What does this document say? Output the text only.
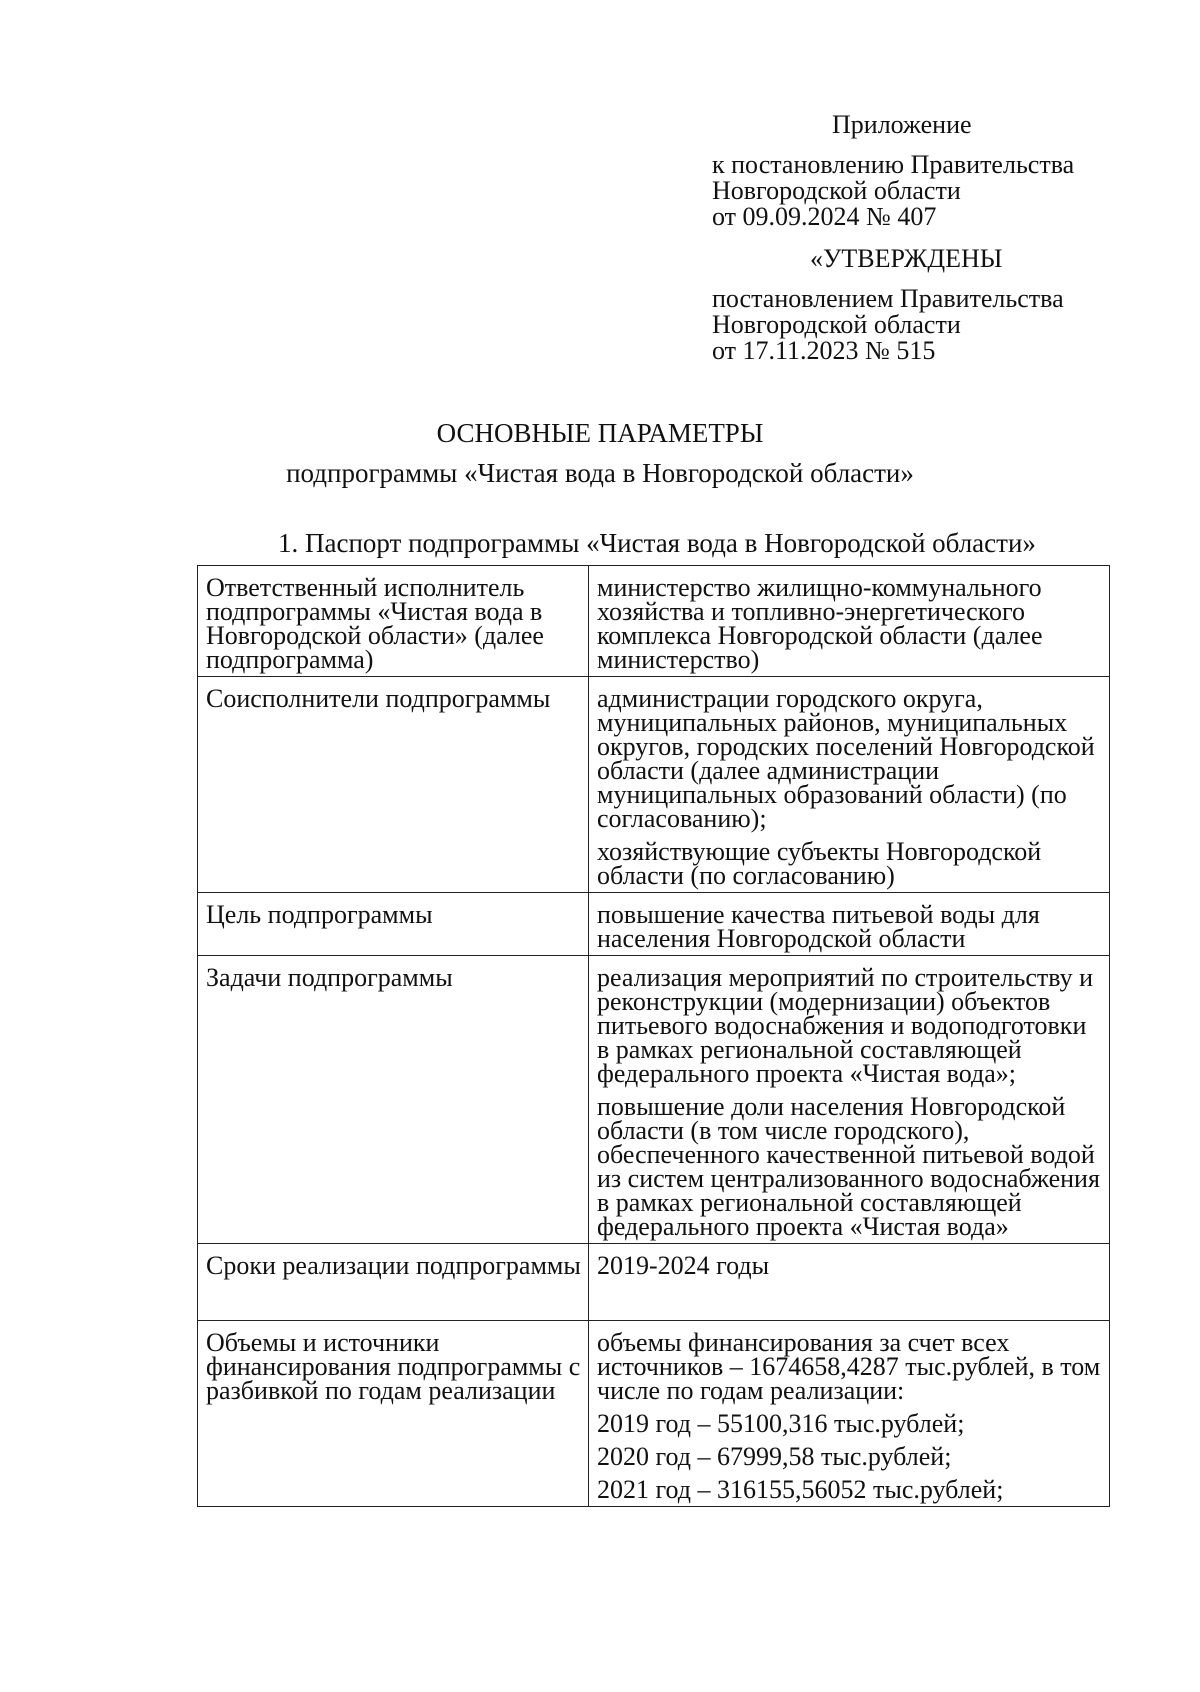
Приложение
к постановлению Правительства
Новгородской области
от 09.09.2024 № 407
«УТВЕРЖДЕНЫ
постановлением Правительства
Новгородской области
от 17.11.2023 № 515
ОСНОВНЫЕ ПАРАМЕТРЫ
подпрограммы «Чистая вода в Новгородской области»
1. Паспорт подпрограммы «Чистая вода в Новгородской области»
Ответственный исполнитель подпрограммы «Чистая вода в Новгородской области» (далее подпрограмма)	министерство жилищно-коммунального хозяйства и топливно-энергетического комплекса Новгородской области (далее министерство)

Соисполнители подпрограммы	администрации городского округа, муниципальных районов, муниципальных округов, городских поселений Новгородской области (далее администрации муниципальных образований области) (по согласованию);

хозяйствующие субъекты Новгородской области (по согласованию)

Цель подпрограммы	повышение качества питьевой воды для населения Новгородской области

Задачи подпрограммы	реализация мероприятий по строительству и реконструкции (модернизации) объектов питьевого водоснабжения и водоподготовки в рамках региональной составляющей федерального проекта «Чистая вода»;

повышение доли населения Новгородской области (в том числе городского), обеспеченного качественной питьевой водой из систем централизованного водоснабжения в рамках региональной составляющей федерального проекта «Чистая вода»

Сроки реализации подпрограммы	2019-2024 годы

Объемы и источники финансирования подпрограммы с разбивкой по годам реализации	объемы финансирования за счет всех источников – 1674658,4287 тыс.рублей, в том числе по годам реализации:

2019 год – 55100,316 тыс.рублей;

2020 год – 67999,58 тыс.рублей;

2021 год – 316155,56052 тыс.рублей;
